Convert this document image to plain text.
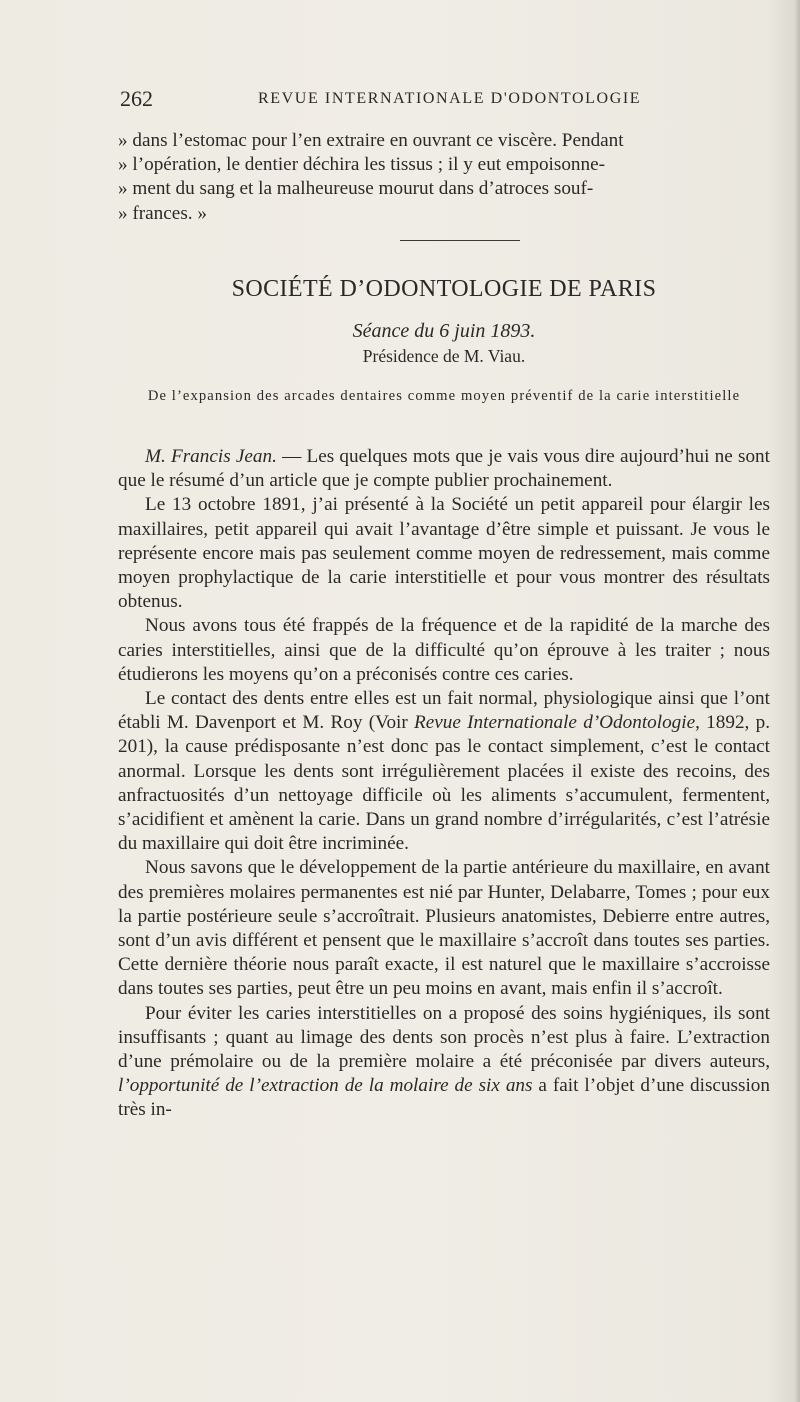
262	REVUE INTERNATIONALE D'ODONTOLOGIE
» dans l’estomac pour l’en extraire en ouvrant ce viscère. Pendant
» l’opération, le dentier déchira les tissus ; il y eut empoisonne-
» ment du sang et la malheureuse mourut dans d’atroces souf-
» frances. »
SOCIÉTÉ D’ODONTOLOGIE DE PARIS
Séance du 6 juin 1893.
Présidence de M. Viau.
De l’expansion des arcades dentaires comme moyen préventif de la carie interstitielle

M. Francis Jean. — Les quelques mots que je vais vous dire aujourd’hui ne sont que le résumé d’un article que je compte publier prochainement.

Le 13 octobre 1891, j’ai présenté à la Société un petit appareil pour élargir les maxillaires, petit appareil qui avait l’avantage d’être simple et puissant. Je vous le représente encore mais pas seulement comme moyen de redressement, mais comme moyen prophylactique de la carie interstitielle et pour vous montrer des résultats obtenus.

Nous avons tous été frappés de la fréquence et de la rapidité de la marche des caries interstitielles, ainsi que de la difficulté qu’on éprouve à les traiter ; nous étudierons les moyens qu’on a préconisés contre ces caries.

Le contact des dents entre elles est un fait normal, physiologique ainsi que l’ont établi M. Davenport et M. Roy (Voir Revue Internationale d’Odontologie, 1892, p. 201), la cause prédisposante n’est donc pas le contact simplement, c’est le contact anormal. Lorsque les dents sont irrégulièrement placées il existe des recoins, des anfractuosités d’un nettoyage difficile où les aliments s’accumulent, fermentent, s’acidifient et amènent la carie. Dans un grand nombre d’irrégularités, c’est l’atrésie du maxillaire qui doit être incriminée.

Nous savons que le développement de la partie antérieure du maxillaire, en avant des premières molaires permanentes est nié par Hunter, Delabarre, Tomes ; pour eux la partie postérieure seule s’accroîtrait. Plusieurs anatomistes, Debierre entre autres, sont d’un avis différent et pensent que le maxillaire s’accroît dans toutes ses parties. Cette dernière théorie nous paraît exacte, il est naturel que le maxillaire s’accroisse dans toutes ses parties, peut être un peu moins en avant, mais enfin il s’accroît.

Pour éviter les caries interstitielles on a proposé des soins hygiéniques, ils sont insuffisants ; quant au limage des dents son procès n’est plus à faire. L’extraction d’une prémolaire ou de la première molaire a été préconisée par divers auteurs, l’opportunité de l’extraction de la molaire de six ans a fait l’objet d’une discussion très in-
